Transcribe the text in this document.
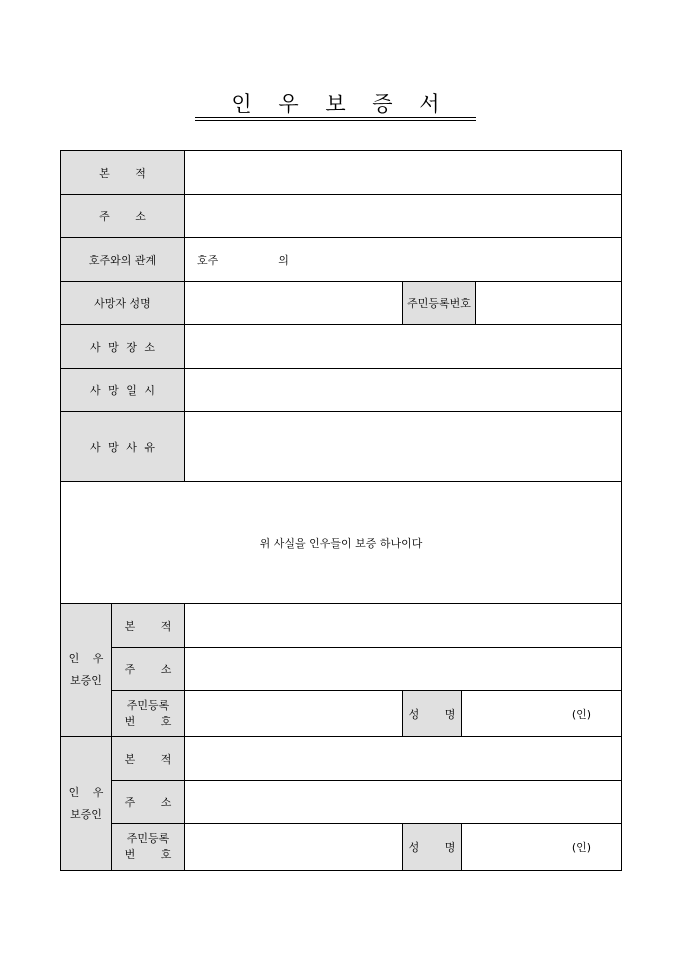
인 우 보 증 서
본 적					
주 소					
호주와의 관계		호주 의			
사망자 성명			주민등록번호		
사 망 장 소					
사 망 일 시					
사 망 사 유					
위 사실을 인우들이 보증 하나이다					

인 우
보증인	본 적				
	주 소				

	주민등록
번 호		성 명	(인)	

인 우
보증인	본 적				
	주 소				

	주민등록
번 호		성 명	(인)	
